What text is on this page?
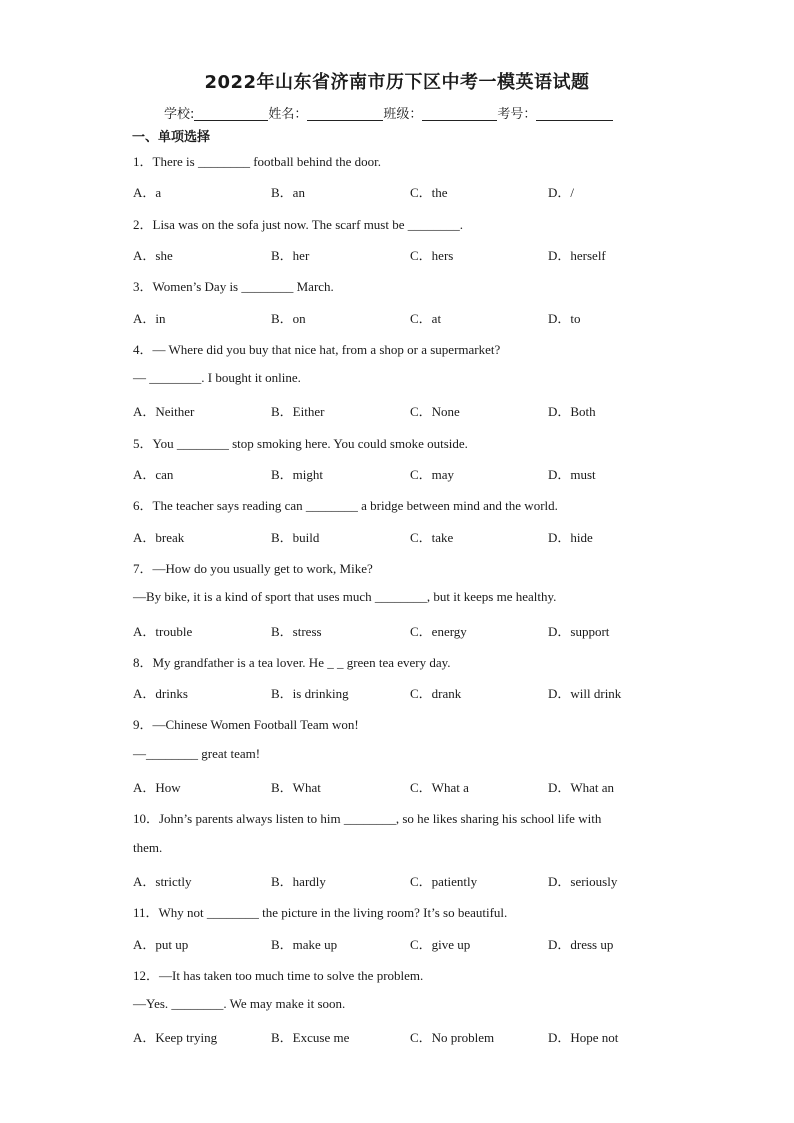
2022年山东省济南市历下区中考一模英语试题
学校:	姓名：	班级：	考号：
一、单项选择
1．There is ________ football behind the door.
A．a	B．an	C．the	D．/
2．Lisa was on the sofa just now. The scarf must be ________.
A．she	B．her	C．hers	D．herself
3．Women’s Day is ________ March.
A．in	B．on	C．at	D．to
4．— Where did you buy that nice hat, from a shop or a supermarket?
— ________. I bought it online.
A．Neither	B．Either	C．None	D．Both
5．You ________ stop smoking here. You could smoke outside.
A．can	B．might	C．may	D．must
6．The teacher says reading can ________ a bridge between mind and the world.
A．break	B．build	C．take	D．hide
7．—How do you usually get to work, Mike?
—By bike, it is a kind of sport that uses much ________, but it keeps me healthy.
A．trouble	B．stress	C．energy	D．support
8．My grandfather is a tea lover. He _ _ green tea every day.
A．drinks	B．is drinking	C．drank	D．will drink
9．—Chinese Women Football Team won!
—________ great team!
A．How	B．What	C．What a	D．What an
10．John’s parents always listen to him ________, so he likes sharing his school life with
them.
A．strictly	B．hardly	C．patiently	D．seriously
11．Why not ________ the picture in the living room? It’s so beautiful.
A．put up	B．make up	C．give up	D．dress up
12．—It has taken too much time to solve the problem.
—Yes. ________. We may make it soon.
A．Keep trying	B．Excuse me	C．No problem	D．Hope not
